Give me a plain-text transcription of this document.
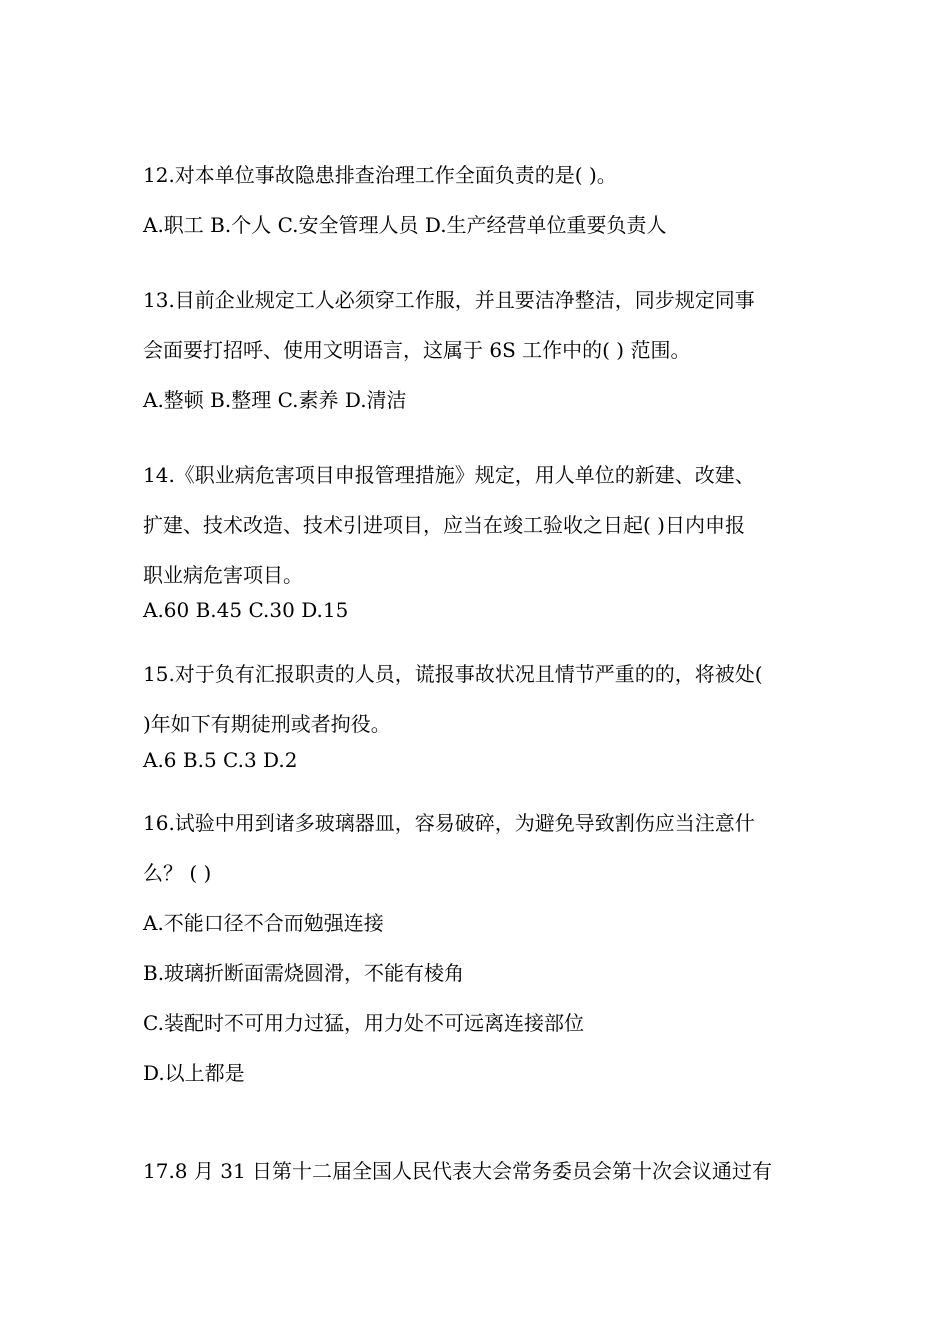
12.对本单位事故隐患排查治理工作全面负责的是( )。

A.职工 B.个人 C.安全管理人员 D.生产经营单位重要负责人

13.目前企业规定工人必须穿工作服，并且要洁净整洁，同步规定同事

会面要打招呼、使用文明语言，这属于 6S 工作中的( ) 范围。

A.整顿 B.整理 C.素养 D.清洁

14.《职业病危害项目申报管理措施》规定，用人单位的新建、改建、

扩建、技术改造、技术引进项目，应当在竣工验收之日起( )日内申报

职业病危害项目。

A.60 B.45 C.30 D.15

15.对于负有汇报职责的人员，谎报事故状况且情节严重的的，将被处(

)年如下有期徒刑或者拘役。

A.6 B.5 C.3 D.2

16.试验中用到诸多玻璃器皿，容易破碎，为避免导致割伤应当注意什

么？ ( )

A.不能口径不合而勉强连接

B.玻璃折断面需烧圆滑，不能有棱角

C.装配时不可用力过猛，用力处不可远离连接部位

D.以上都是

17.8 月 31 日第十二届全国人民代表大会常务委员会第十次会议通过有
